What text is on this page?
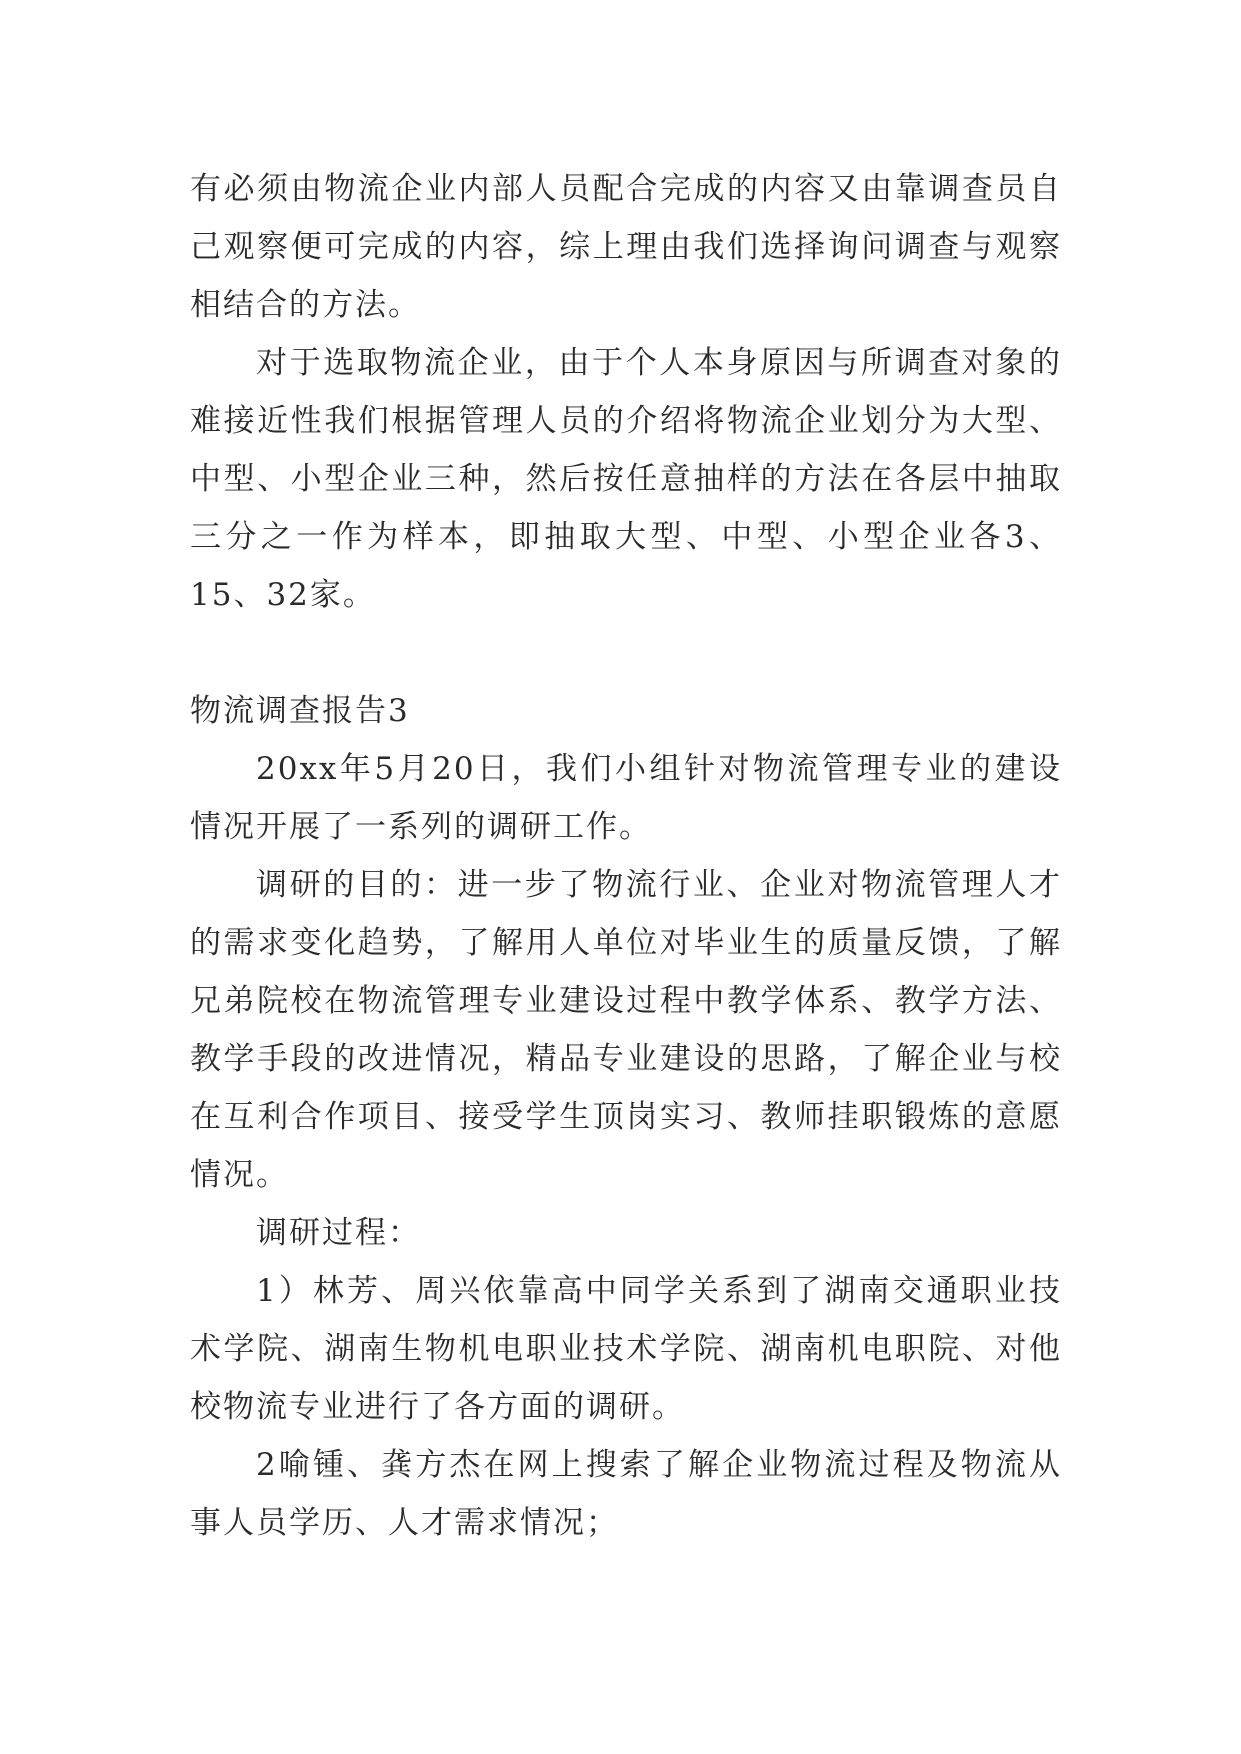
有必须由物流企业内部人员配合完成的内容又由靠调查员自己观察便可完成的内容，综上理由我们选择询问调查与观察相结合的方法。

对于选取物流企业，由于个人本身原因与所调查对象的难接近性我们根据管理人员的介绍将物流企业划分为大型、中型、小型企业三种，然后按任意抽样的方法在各层中抽取三分之一作为样本，即抽取大型、中型、小型企业各3、15、32家。

物流调查报告3

20xx年5月20日，我们小组针对物流管理专业的建设情况开展了一系列的调研工作。

调研的目的：进一步了物流行业、企业对物流管理人才的需求变化趋势，了解用人单位对毕业生的质量反馈，了解兄弟院校在物流管理专业建设过程中教学体系、教学方法、教学手段的改进情况，精品专业建设的思路，了解企业与校在互利合作项目、接受学生顶岗实习、教师挂职锻炼的意愿情况。

调研过程：

1）林芳、周兴依靠高中同学关系到了湖南交通职业技术学院、湖南生物机电职业技术学院、湖南机电职院、对他校物流专业进行了各方面的调研。

2喻锺、龚方杰在网上搜索了解企业物流过程及物流从事人员学历、人才需求情况；
